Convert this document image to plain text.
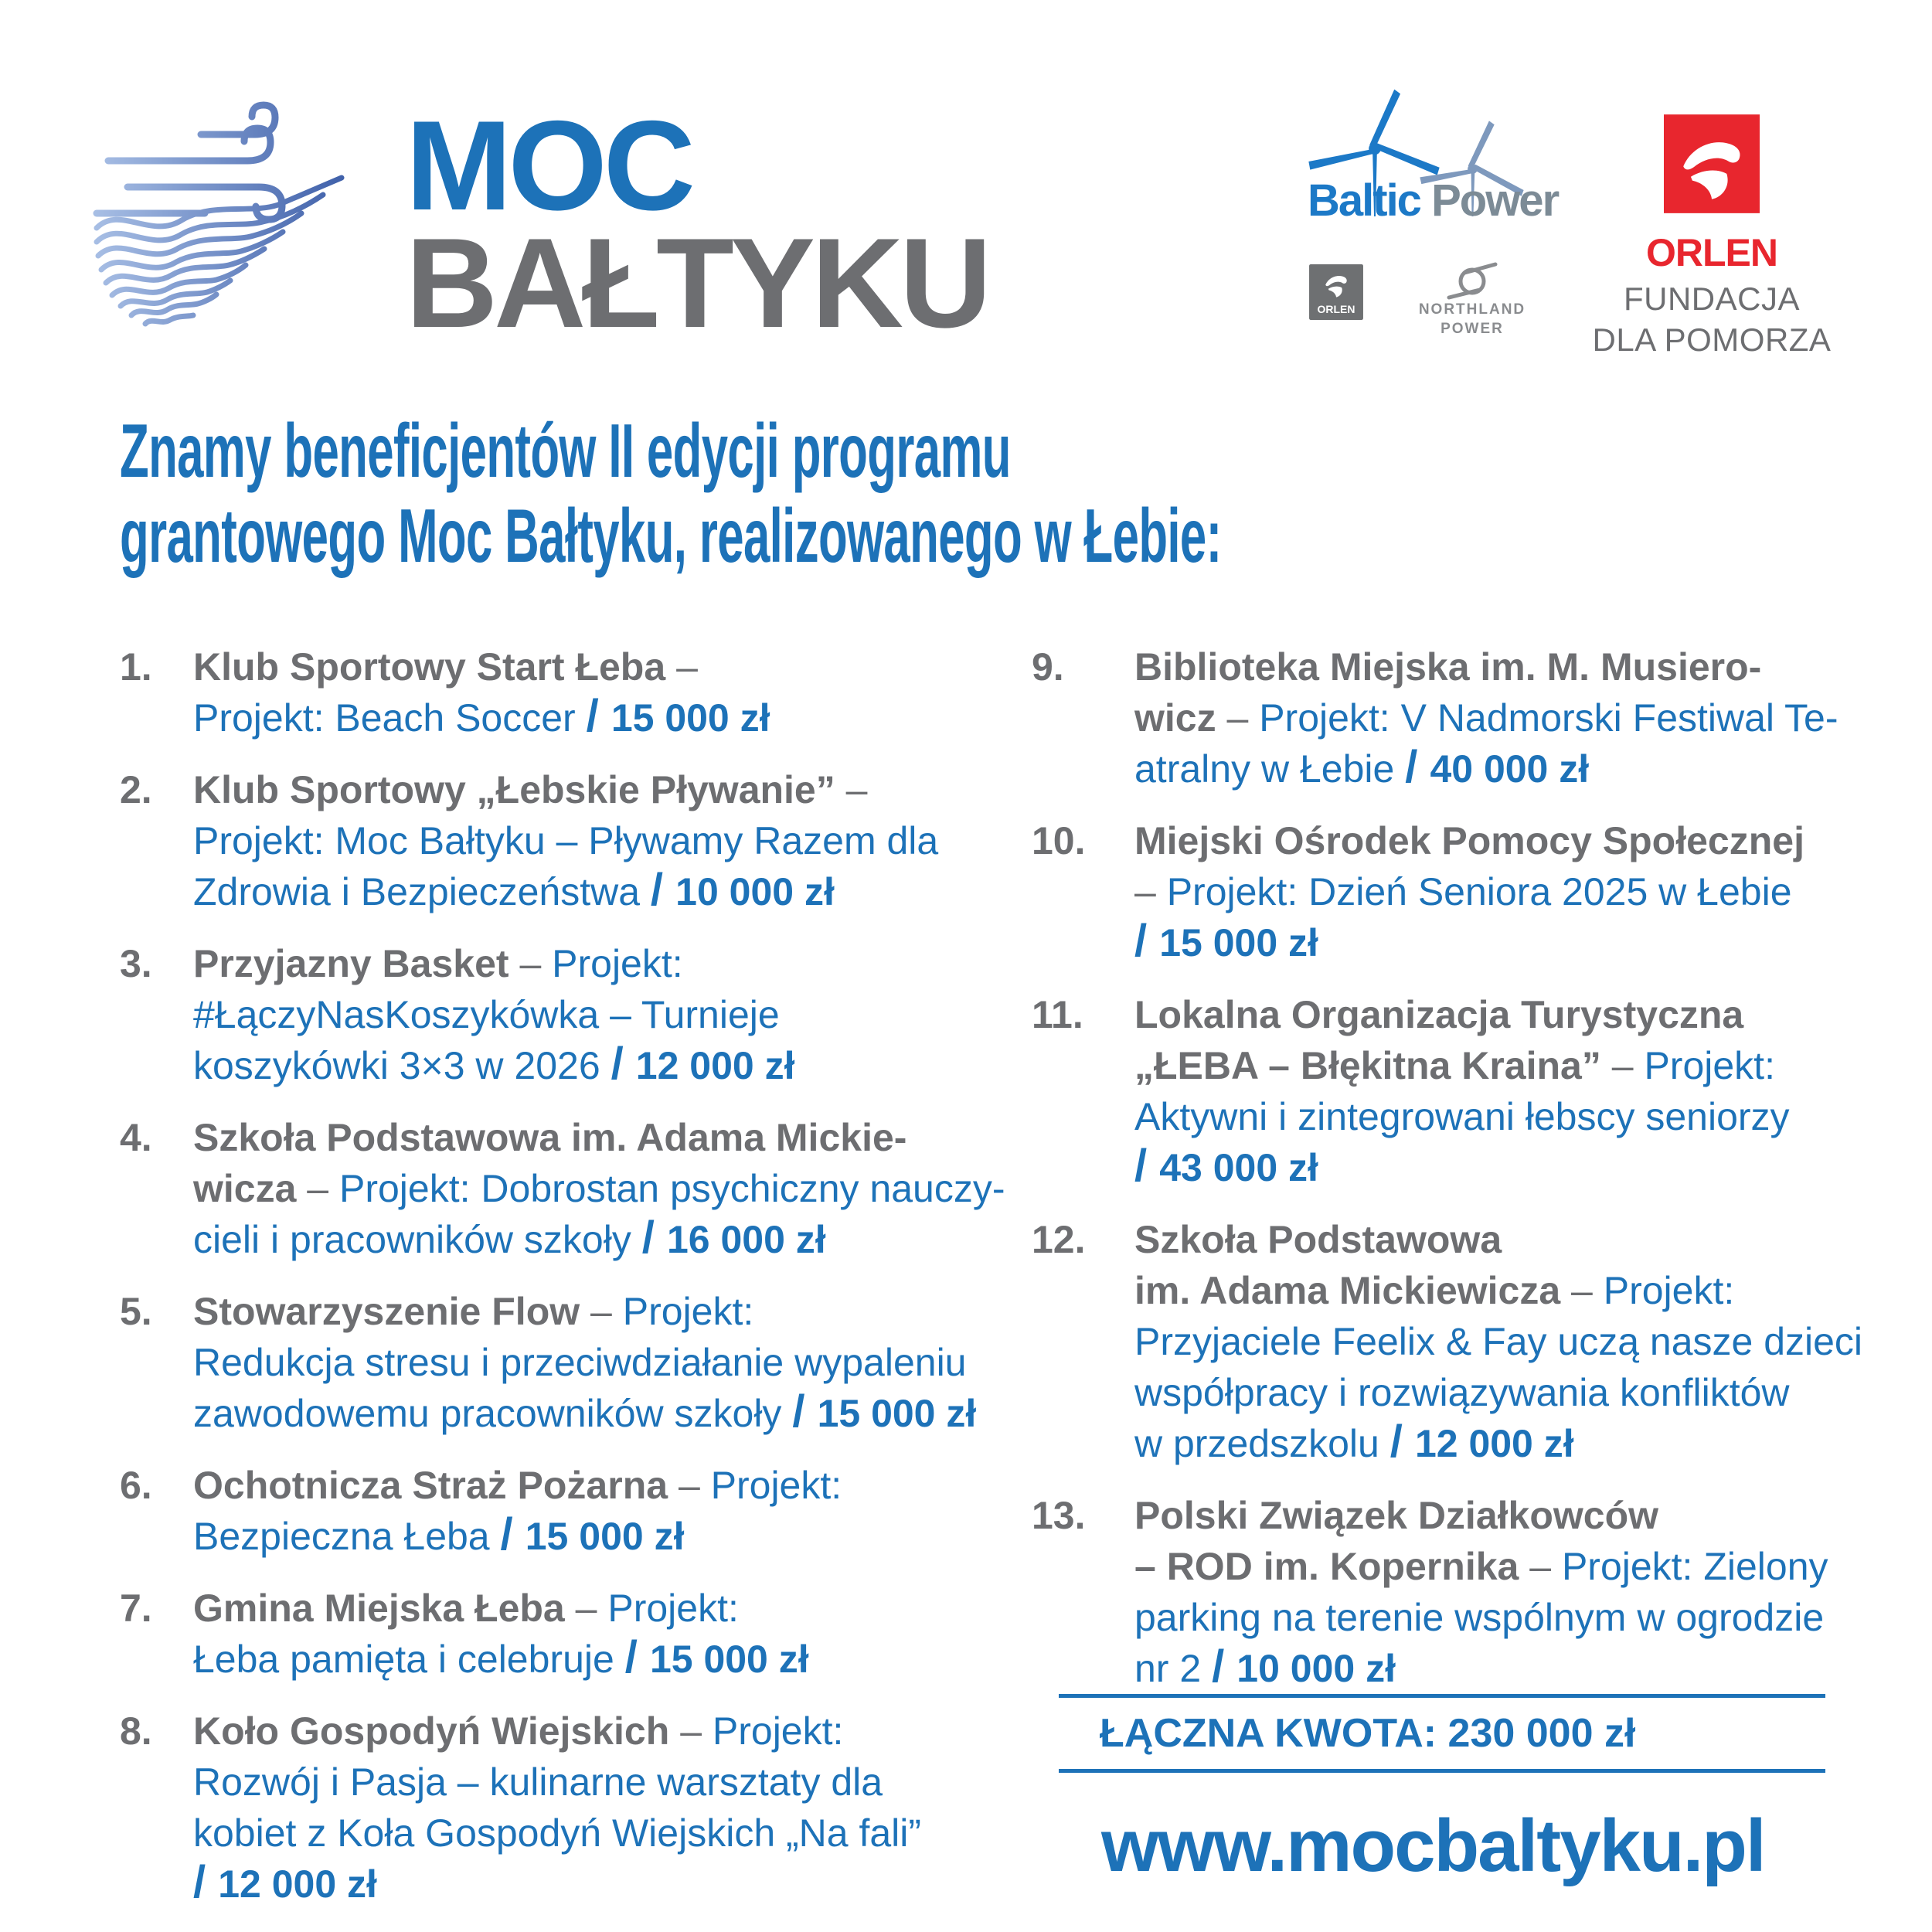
MOC
BAŁTYKU
Baltic Power
ORLEN	NORTHLAND
POWER
ORLEN
FUNDACJA
DLA POMORZA
Znamy beneficjentów II edycji programu
grantowego Moc Bałtyku, realizowanego w Łebie:
1.	Klub Sportowy Start Łeba –
Projekt: Beach Soccer / 15 000 zł
2.	Klub Sportowy „Łebskie Pływanie” –
Projekt: Moc Bałtyku – Pływamy Razem dla
Zdrowia i Bezpieczeństwa / 10 000 zł
3.	Przyjazny Basket – Projekt:
#ŁączyNasKoszykówka – Turnieje
koszykówki 3×3 w 2026 / 12 000 zł
4.	Szkoła Podstawowa im. Adama Mickie-
wicza – Projekt: Dobrostan psychiczny nauczy-
cieli i pracowników szkoły / 16 000 zł
5.	Stowarzyszenie Flow – Projekt:
Redukcja stresu i przeciwdziałanie wypaleniu
zawodowemu pracowników szkoły / 15 000 zł
6.	Ochotnicza Straż Pożarna – Projekt:
Bezpieczna Łeba / 15 000 zł
7.	Gmina Miejska Łeba – Projekt:
Łeba pamięta i celebruje / 15 000 zł
8.	Koło Gospodyń Wiejskich – Projekt:
Rozwój i Pasja – kulinarne warsztaty dla
kobiet z Koła Gospodyń Wiejskich „Na fali”
/ 12 000 zł
9.	Biblioteka Miejska im. M. Musiero-
wicz – Projekt: V Nadmorski Festiwal Te-
atralny w Łebie / 40 000 zł
10.	Miejski Ośrodek Pomocy Społecznej
– Projekt: Dzień Seniora 2025 w Łebie
/ 15 000 zł
11.	Lokalna Organizacja Turystyczna
„ŁEBA – Błękitna Kraina” – Projekt:
Aktywni i zintegrowani łebscy seniorzy
/ 43 000 zł
12.	Szkoła Podstawowa
im. Adama Mickiewicza – Projekt:
Przyjaciele Feelix & Fay uczą nasze dzieci
współpracy i rozwiązywania konfliktów
w przedszkolu / 12 000 zł
13.	Polski Związek Działkowców
– ROD im. Kopernika – Projekt: Zielony
parking na terenie wspólnym w ogrodzie
nr 2 / 10 000 zł
ŁĄCZNA KWOTA: 230 000 zł
www.mocbaltyku.pl
